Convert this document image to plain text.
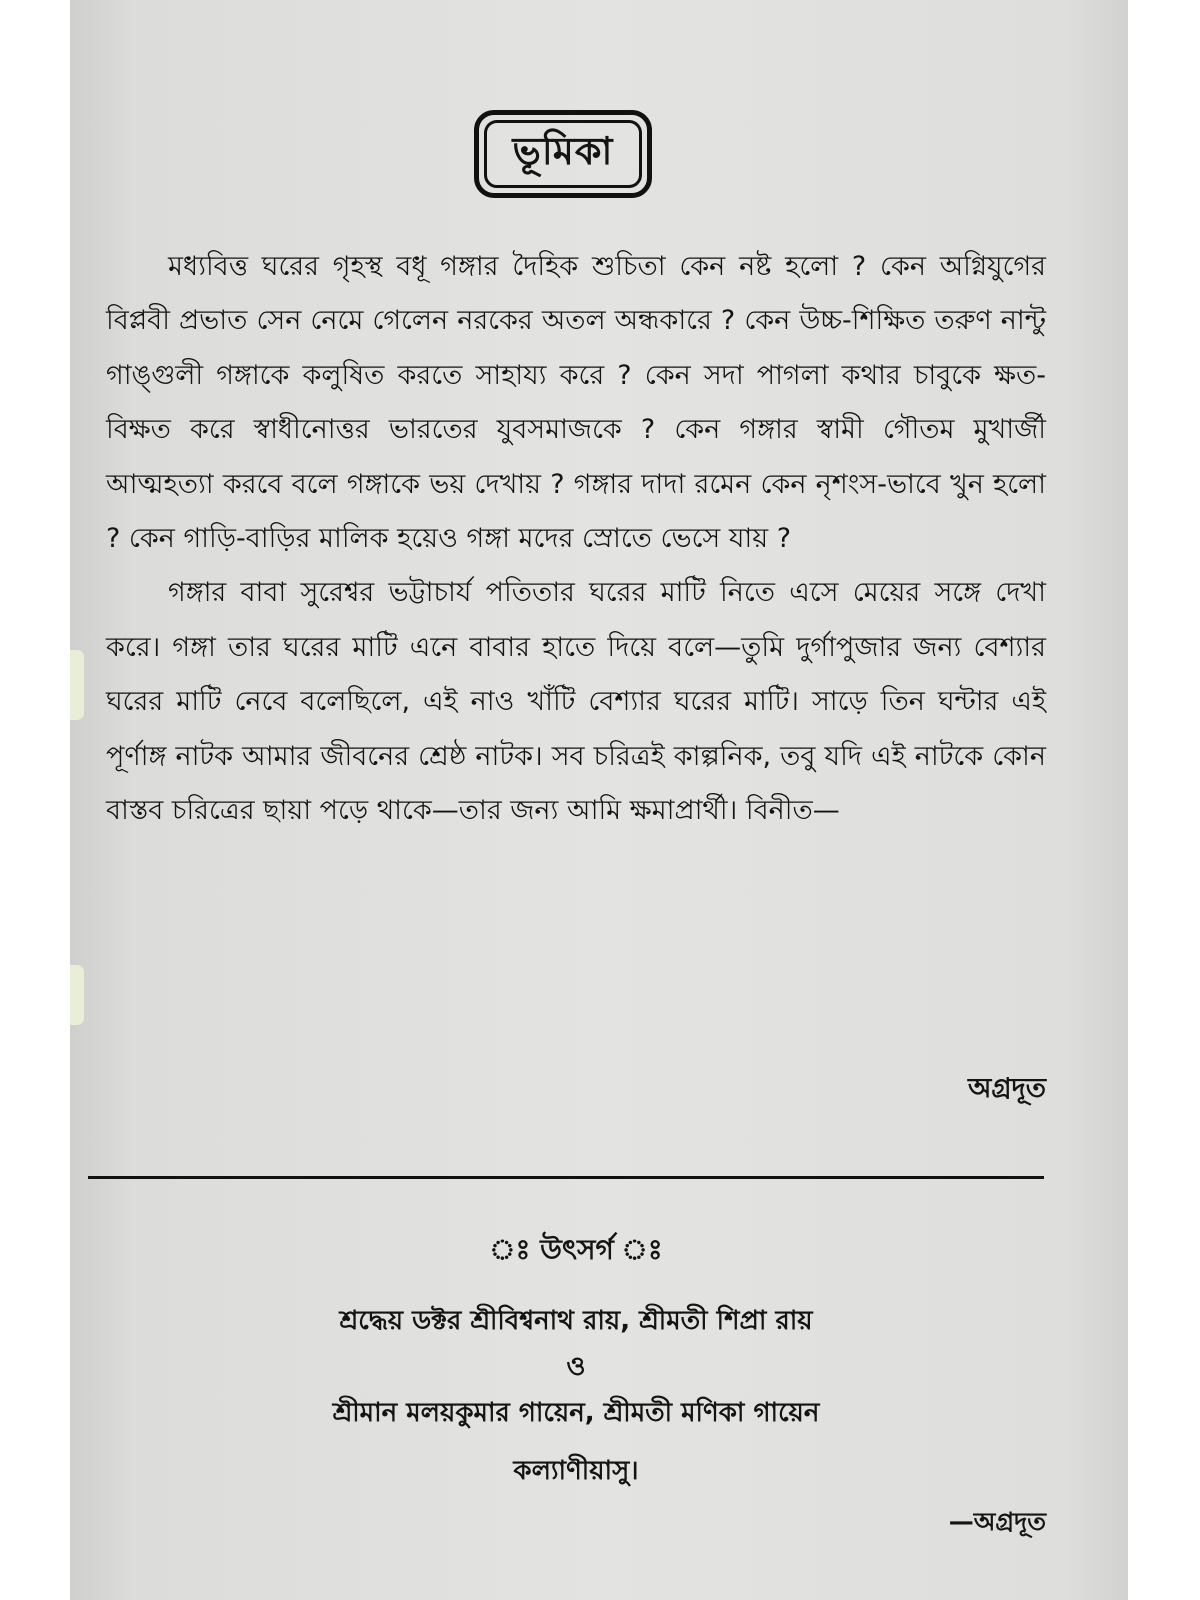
ভূমিকা

মধ্যবিত্ত ঘরের গৃহস্থ বধূ গঙ্গার দৈহিক শুচিতা কেন নষ্ট হলো ? কেন অগ্নিযুগের বিপ্লবী প্রভাত সেন নেমে গেলেন নরকের অতল অন্ধকারে ? কেন উচ্চ-শিক্ষিত তরুণ নান্টু গাঙ্গুলী গঙ্গাকে কলুষিত করতে সাহায্য করে ? কেন সদা পাগলা কথার চাবুকে ক্ষত-বিক্ষত করে স্বাধীনোত্তর ভারতের যুবসমাজকে ? কেন গঙ্গার স্বামী গৌতম মুখার্জী আত্মহত্যা করবে বলে গঙ্গাকে ভয় দেখায় ? গঙ্গার দাদা রমেন কেন নৃশংস-ভাবে খুন হলো ? কেন গাড়ি-বাড়ির মালিক হয়েও গঙ্গা মদের স্রোতে ভেসে যায় ?

গঙ্গার বাবা সুরেশ্বর ভট্টাচার্য পতিতার ঘরের মাটি নিতে এসে মেয়ের সঙ্গে দেখা করে। গঙ্গা তার ঘরের মাটি এনে বাবার হাতে দিয়ে বলে—তুমি দুর্গাপুজার জন্য বেশ্যার ঘরের মাটি নেবে বলেছিলে, এই নাও খাঁটি বেশ্যার ঘরের মাটি। সাড়ে তিন ঘন্টার এই পূর্ণাঙ্গ নাটক আমার জীবনের শ্রেষ্ঠ নাটক। সব চরিত্রই কাল্পনিক, তবু যদি এই নাটকে কোন বাস্তব চরিত্রের ছায়া পড়ে থাকে—তার জন্য আমি ক্ষমাপ্রার্থী। বিনীত—

অগ্রদূত
ঃ উৎসর্গ ঃ
শ্রদ্ধেয় ডক্টর শ্রীবিশ্বনাথ রায়, শ্রীমতী শিপ্রা রায়
ও
শ্রীমান মলয়কুমার গায়েন, শ্রীমতী মণিকা গায়েন
কল্যাণীয়াসু।
—অগ্রদূত
